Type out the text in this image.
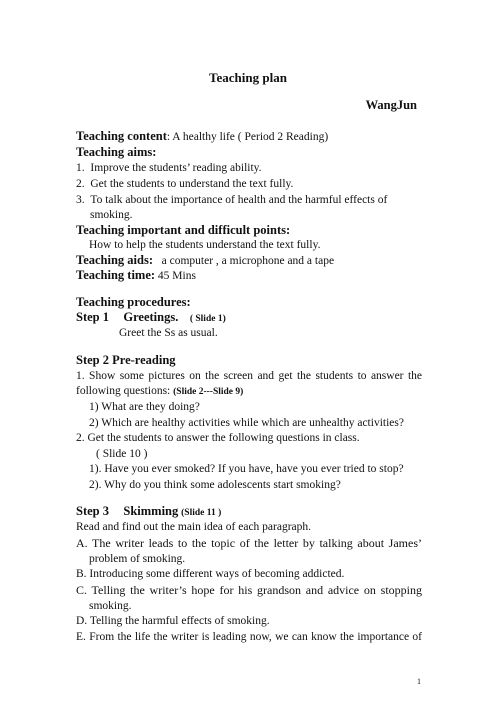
Teaching plan
WangJun
Teaching content: A healthy life ( Period 2 Reading)
Teaching aims:
1. Improve the students’ reading ability.
2. Get the students to understand the text fully.
3. To talk about the importance of health and the harmful effects of
smoking.
Teaching important and difficult points:
How to help the students understand the text fully.
Teaching aids: a computer , a microphone and a tape
Teaching time: 45 Mins
Teaching procedures:
Step 1 Greetings. ( Slide 1)
Greet the Ss as usual.
Step 2 Pre-reading
1. Show some pictures on the screen and get the students to answer the
following questions: (Slide 2---Slide 9)
1) What are they doing?
2) Which are healthy activities while which are unhealthy activities?
2. Get the students to answer the following questions in class.
( Slide 10 )
1). Have you ever smoked? If you have, have you ever tried to stop?
2). Why do you think some adolescents start smoking?
Step 3 Skimming (Slide 11 )
Read and find out the main idea of each paragraph.
A. The writer leads to the topic of the letter by talking about James’
problem of smoking.
B. Introducing some different ways of becoming addicted.
C. Telling the writer’s hope for his grandson and advice on stopping
smoking.
D. Telling the harmful effects of smoking.
E. From the life the writer is leading now, we can know the importance of
1
